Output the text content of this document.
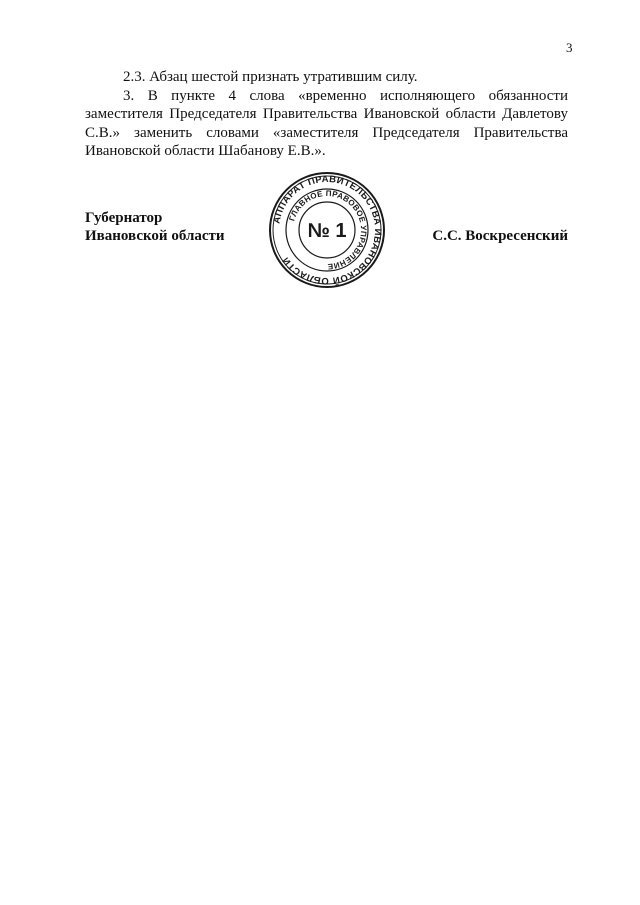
3

2.3. Абзац шестой признать утратившим силу.

3. В пункте 4 слова «временно исполняющего обязанности заместителя Председателя Правительства Ивановской области Давлетову С.В.» заменить словами «заместителя Председателя Правительства Ивановской области Шабанову Е.В.».

Губернатор
Ивановской области
АППАРАТ ПРАВИТЕЛЬСТВА ИВАНОВСКОЙ ОБЛАСТИ
ГЛАВНОЕ ПРАВОВОЕ УПРАВЛЕНИЕ
№ 1	С.С. Воскресенский
